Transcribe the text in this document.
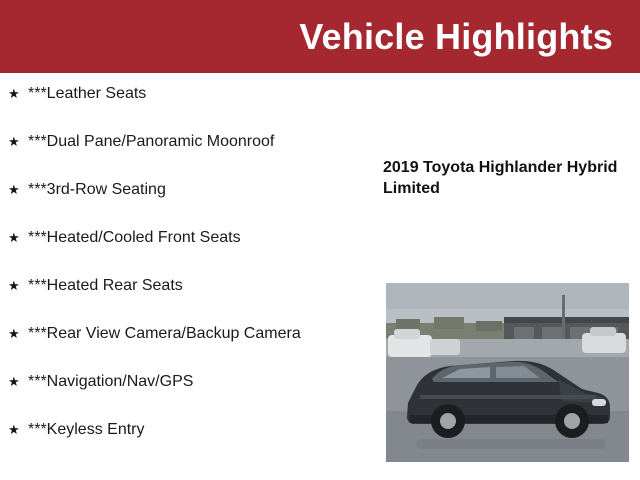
Vehicle Highlights
★ ***Leather Seats
★ ***Dual Pane/Panoramic Moonroof
★ ***3rd-Row Seating
★ ***Heated/Cooled Front Seats
★ ***Heated Rear Seats
★ ***Rear View Camera/Backup Camera
★ ***Navigation/Nav/GPS
★ ***Keyless Entry
2019 Toyota Highlander Hybrid Limited
